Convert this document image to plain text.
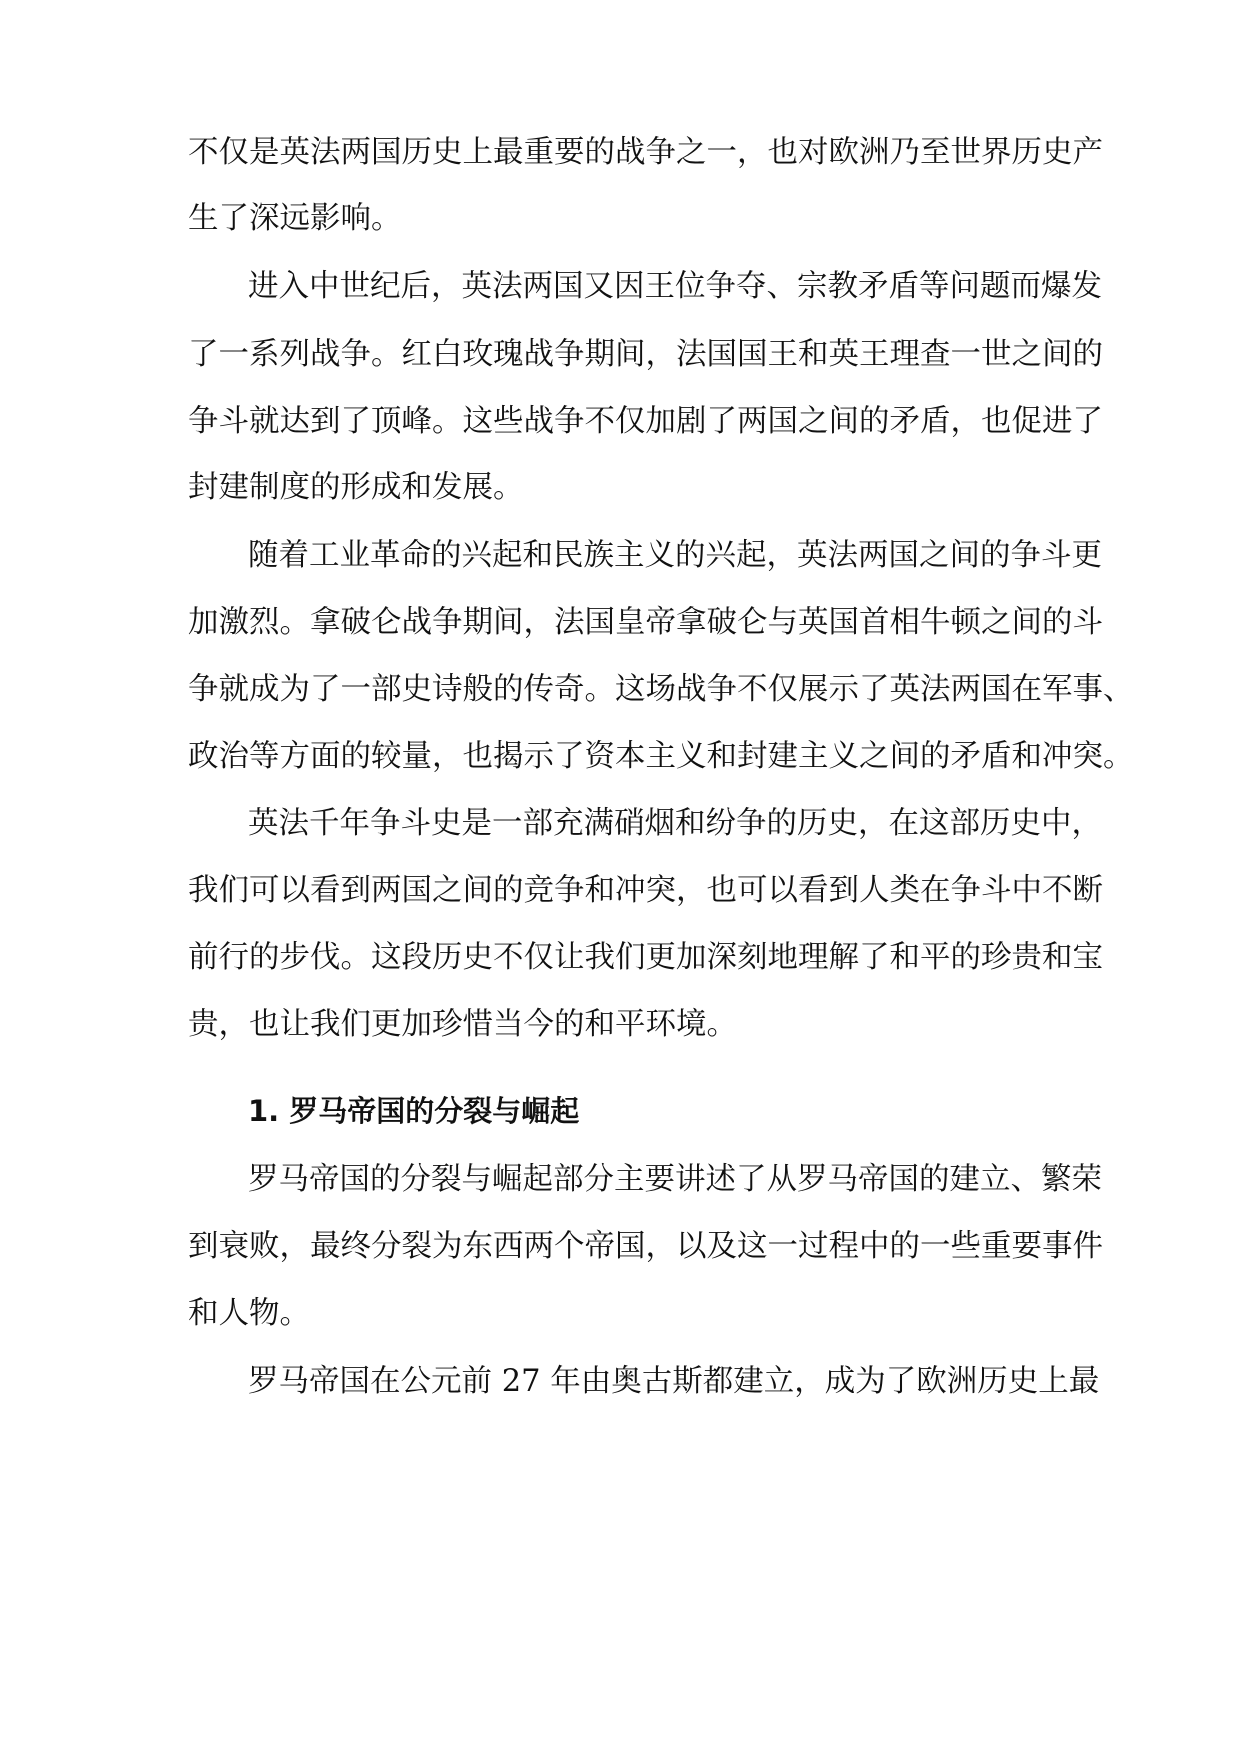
不仅是英法两国历史上最重要的战争之一，也对欧洲乃至世界历史产
生了深远影响。
进入中世纪后，英法两国又因王位争夺、宗教矛盾等问题而爆发
了一系列战争。红白玫瑰战争期间，法国国王和英王理查一世之间的
争斗就达到了顶峰。这些战争不仅加剧了两国之间的矛盾，也促进了
封建制度的形成和发展。
随着工业革命的兴起和民族主义的兴起，英法两国之间的争斗更
加激烈。拿破仑战争期间，法国皇帝拿破仑与英国首相牛顿之间的斗
争就成为了一部史诗般的传奇。这场战争不仅展示了英法两国在军事、
政治等方面的较量，也揭示了资本主义和封建主义之间的矛盾和冲突。
英法千年争斗史是一部充满硝烟和纷争的历史，在这部历史中，
我们可以看到两国之间的竞争和冲突，也可以看到人类在争斗中不断
前行的步伐。这段历史不仅让我们更加深刻地理解了和平的珍贵和宝
贵，也让我们更加珍惜当今的和平环境。
1. 罗马帝国的分裂与崛起
罗马帝国的分裂与崛起部分主要讲述了从罗马帝国的建立、繁荣
到衰败，最终分裂为东西两个帝国，以及这一过程中的一些重要事件
和人物。
罗马帝国在公元前 27 年由奥古斯都建立，成为了欧洲历史上最
